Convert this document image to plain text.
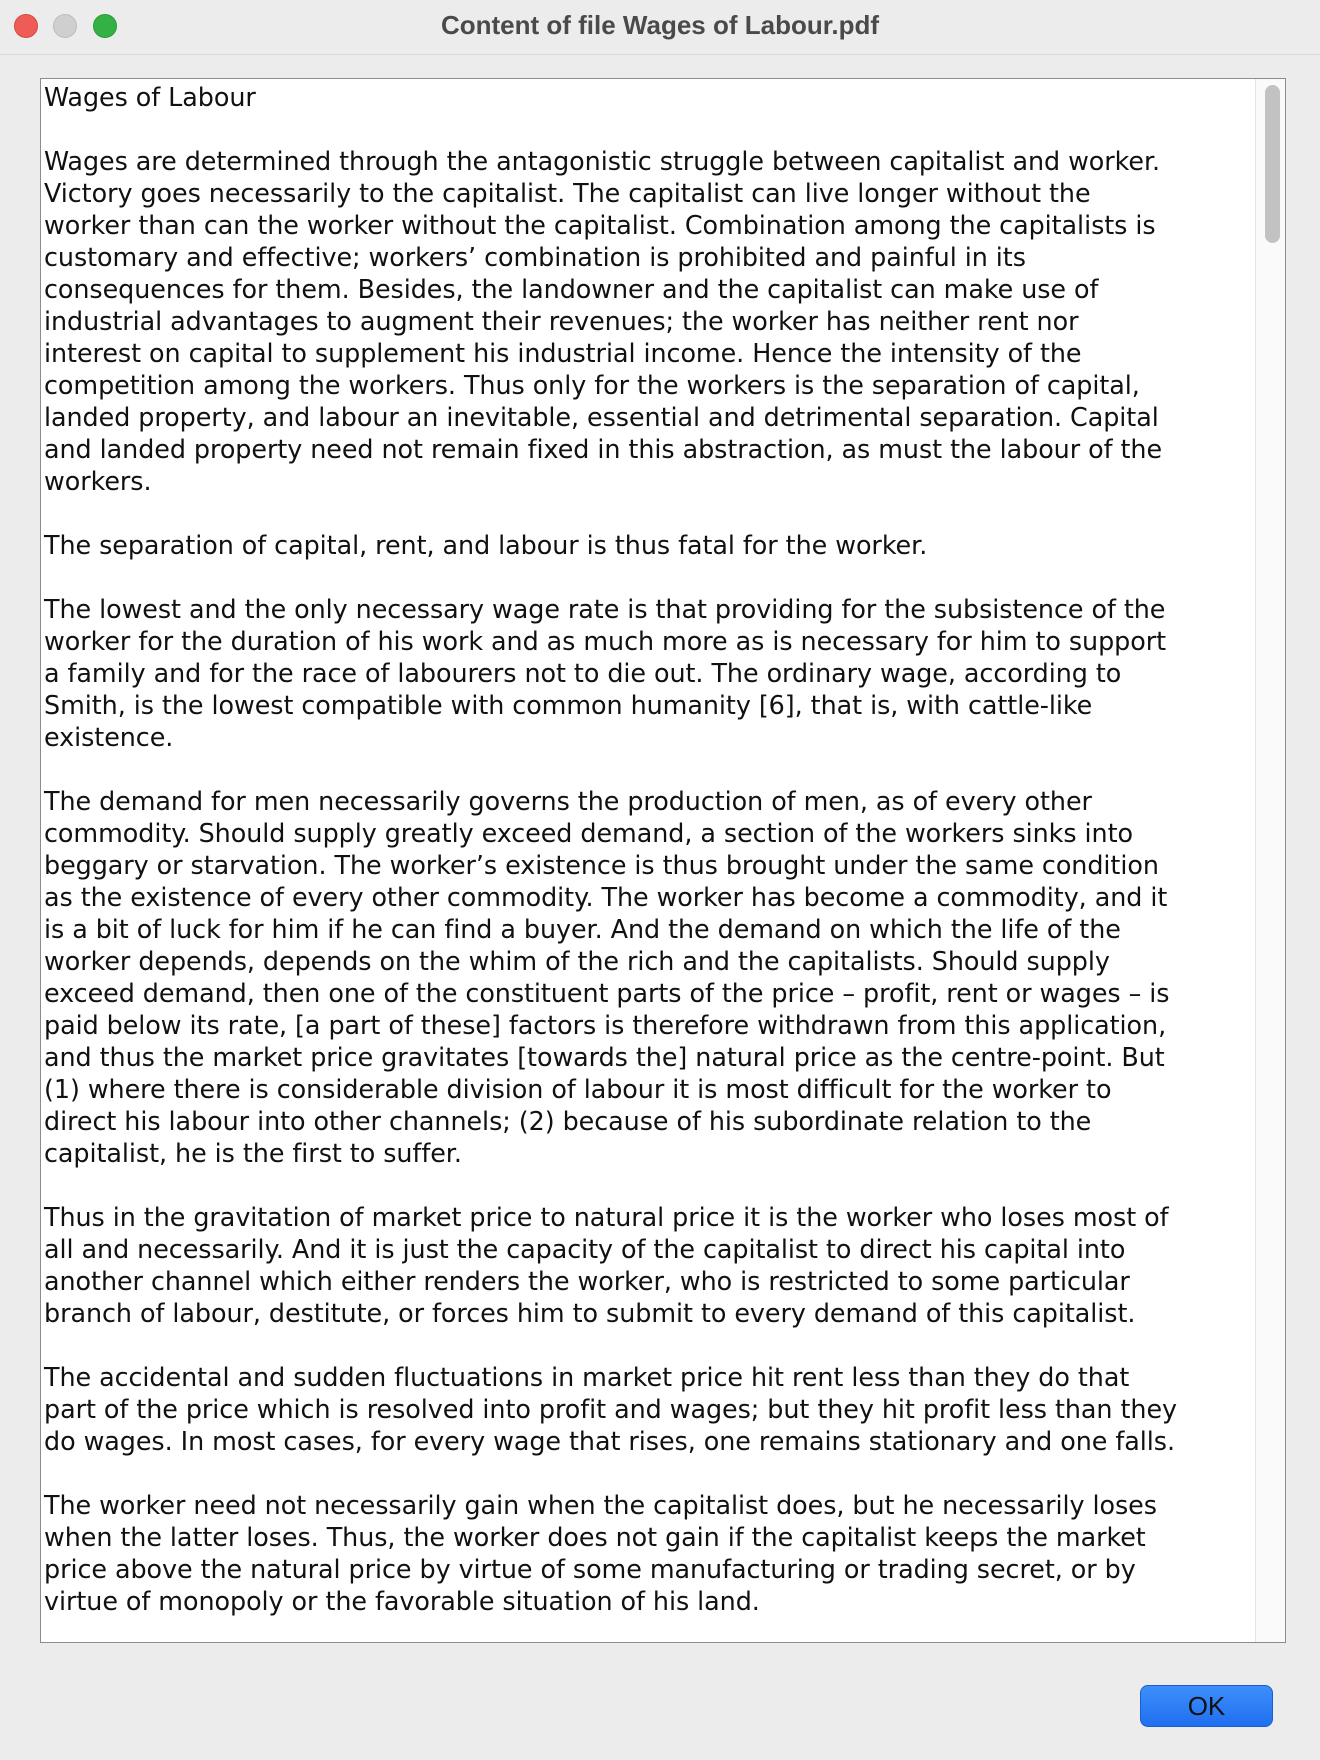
Content of file Wages of Labour.pdf
Wages of Labour

Wages are determined through the antagonistic struggle between capitalist and worker.
Victory goes necessarily to the capitalist. The capitalist can live longer without the
worker than can the worker without the capitalist. Combination among the capitalists is
customary and effective; workers’ combination is prohibited and painful in its
consequences for them. Besides, the landowner and the capitalist can make use of
industrial advantages to augment their revenues; the worker has neither rent nor
interest on capital to supplement his industrial income. Hence the intensity of the
competition among the workers. Thus only for the workers is the separation of capital,
landed property, and labour an inevitable, essential and detrimental separation. Capital
and landed property need not remain fixed in this abstraction, as must the labour of the
workers.

The separation of capital, rent, and labour is thus fatal for the worker.

The lowest and the only necessary wage rate is that providing for the subsistence of the
worker for the duration of his work and as much more as is necessary for him to support
a family and for the race of labourers not to die out. The ordinary wage, according to
Smith, is the lowest compatible with common humanity [6], that is, with cattle-like
existence.

The demand for men necessarily governs the production of men, as of every other
commodity. Should supply greatly exceed demand, a section of the workers sinks into
beggary or starvation. The worker’s existence is thus brought under the same condition
as the existence of every other commodity. The worker has become a commodity, and it
is a bit of luck for him if he can find a buyer. And the demand on which the life of the
worker depends, depends on the whim of the rich and the capitalists. Should supply
exceed demand, then one of the constituent parts of the price – profit, rent or wages – is
paid below its rate, [a part of these] factors is therefore withdrawn from this application,
and thus the market price gravitates [towards the] natural price as the centre-point. But
(1) where there is considerable division of labour it is most difficult for the worker to
direct his labour into other channels; (2) because of his subordinate relation to the
capitalist, he is the first to suffer.

Thus in the gravitation of market price to natural price it is the worker who loses most of
all and necessarily. And it is just the capacity of the capitalist to direct his capital into
another channel which either renders the worker, who is restricted to some particular
branch of labour, destitute, or forces him to submit to every demand of this capitalist.

The accidental and sudden fluctuations in market price hit rent less than they do that
part of the price which is resolved into profit and wages; but they hit profit less than they
do wages. In most cases, for every wage that rises, one remains stationary and one falls.

The worker need not necessarily gain when the capitalist does, but he necessarily loses
when the latter loses. Thus, the worker does not gain if the capitalist keeps the market
price above the natural price by virtue of some manufacturing or trading secret, or by
virtue of monopoly or the favorable situation of his land.
OK
